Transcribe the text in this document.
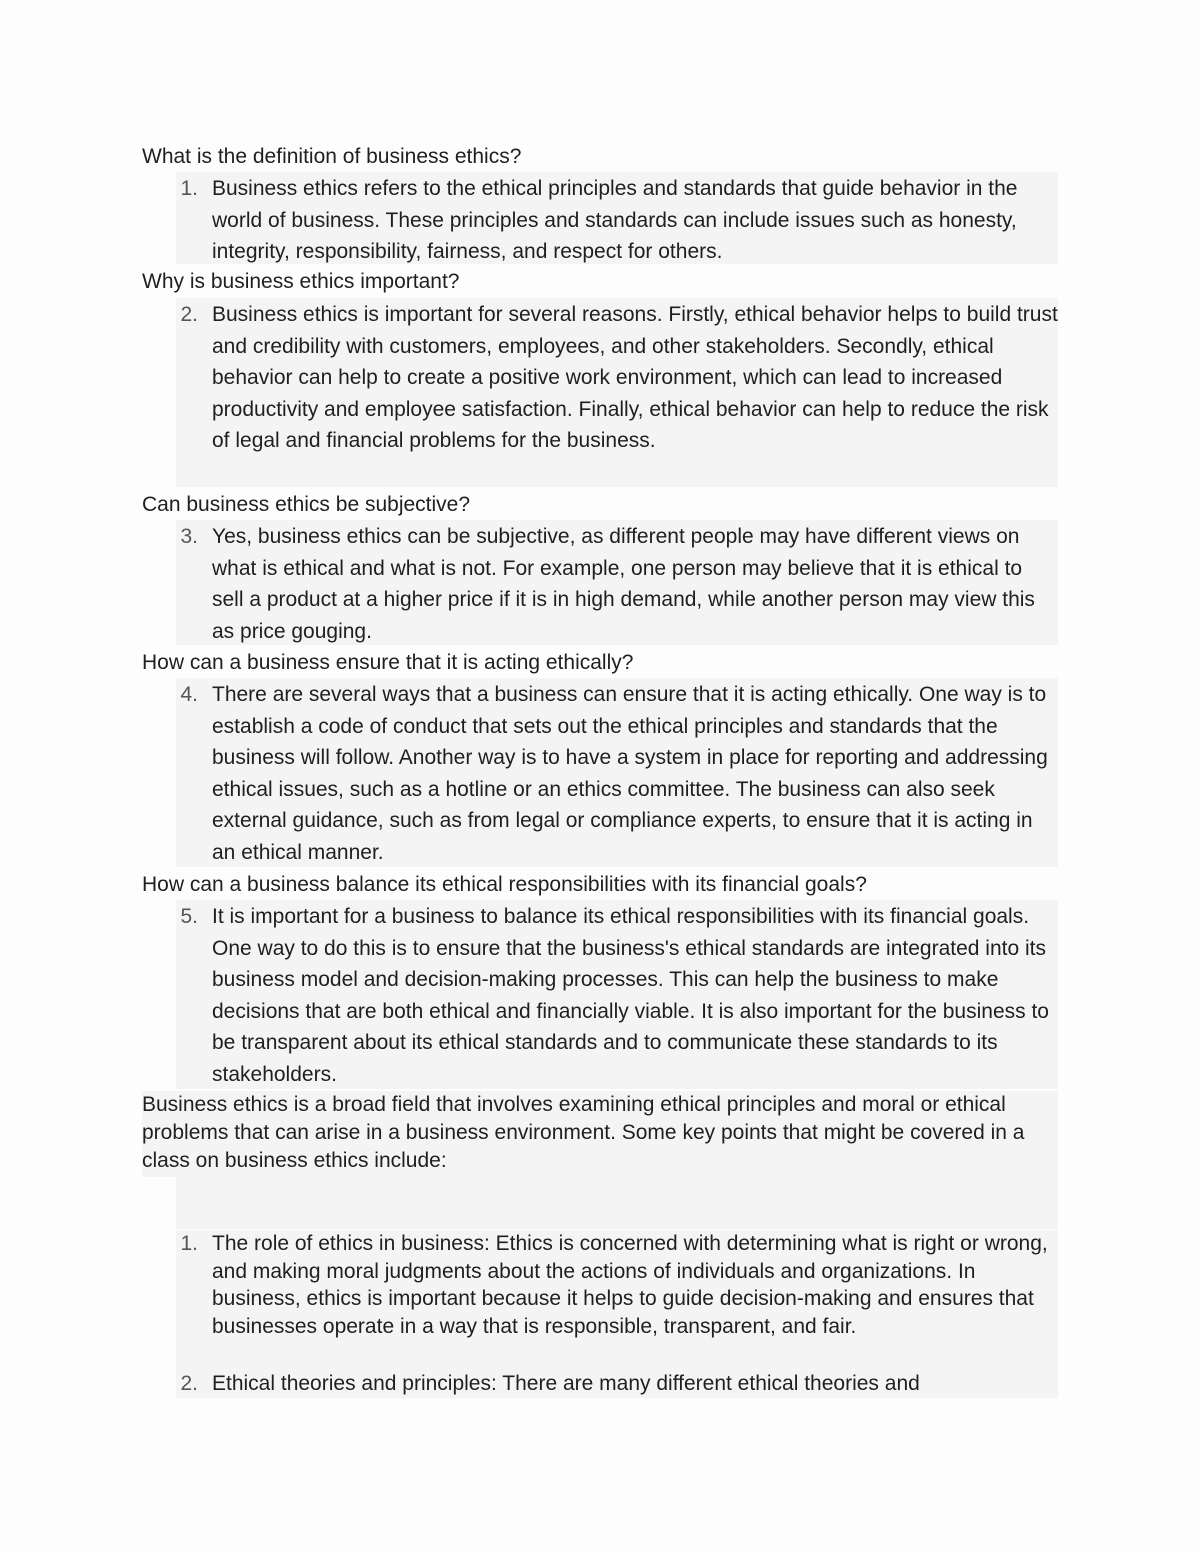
What is the definition of business ethics?
1. Business ethics refers to the ethical principles and standards that guide behavior in the world of business. These principles and standards can include issues such as honesty, integrity, responsibility, fairness, and respect for others.
Why is business ethics important?
2. Business ethics is important for several reasons. Firstly, ethical behavior helps to build trust and credibility with customers, employees, and other stakeholders. Secondly, ethical behavior can help to create a positive work environment, which can lead to increased productivity and employee satisfaction. Finally, ethical behavior can help to reduce the risk of legal and financial problems for the business.
Can business ethics be subjective?
3. Yes, business ethics can be subjective, as different people may have different views on what is ethical and what is not. For example, one person may believe that it is ethical to sell a product at a higher price if it is in high demand, while another person may view this as price gouging.
How can a business ensure that it is acting ethically?
4. There are several ways that a business can ensure that it is acting ethically. One way is to establish a code of conduct that sets out the ethical principles and standards that the business will follow. Another way is to have a system in place for reporting and addressing ethical issues, such as a hotline or an ethics committee. The business can also seek external guidance, such as from legal or compliance experts, to ensure that it is acting in an ethical manner.
How can a business balance its ethical responsibilities with its financial goals?
5. It is important for a business to balance its ethical responsibilities with its financial goals. One way to do this is to ensure that the business's ethical standards are integrated into its business model and decision-making processes. This can help the business to make decisions that are both ethical and financially viable. It is also important for the business to be transparent about its ethical standards and to communicate these standards to its stakeholders.
Business ethics is a broad field that involves examining ethical principles and moral or ethical problems that can arise in a business environment. Some key points that might be covered in a class on business ethics include:
1. The role of ethics in business: Ethics is concerned with determining what is right or wrong, and making moral judgments about the actions of individuals and organizations. In business, ethics is important because it helps to guide decision-making and ensures that businesses operate in a way that is responsible, transparent, and fair.
2. Ethical theories and principles: There are many different ethical theories and
